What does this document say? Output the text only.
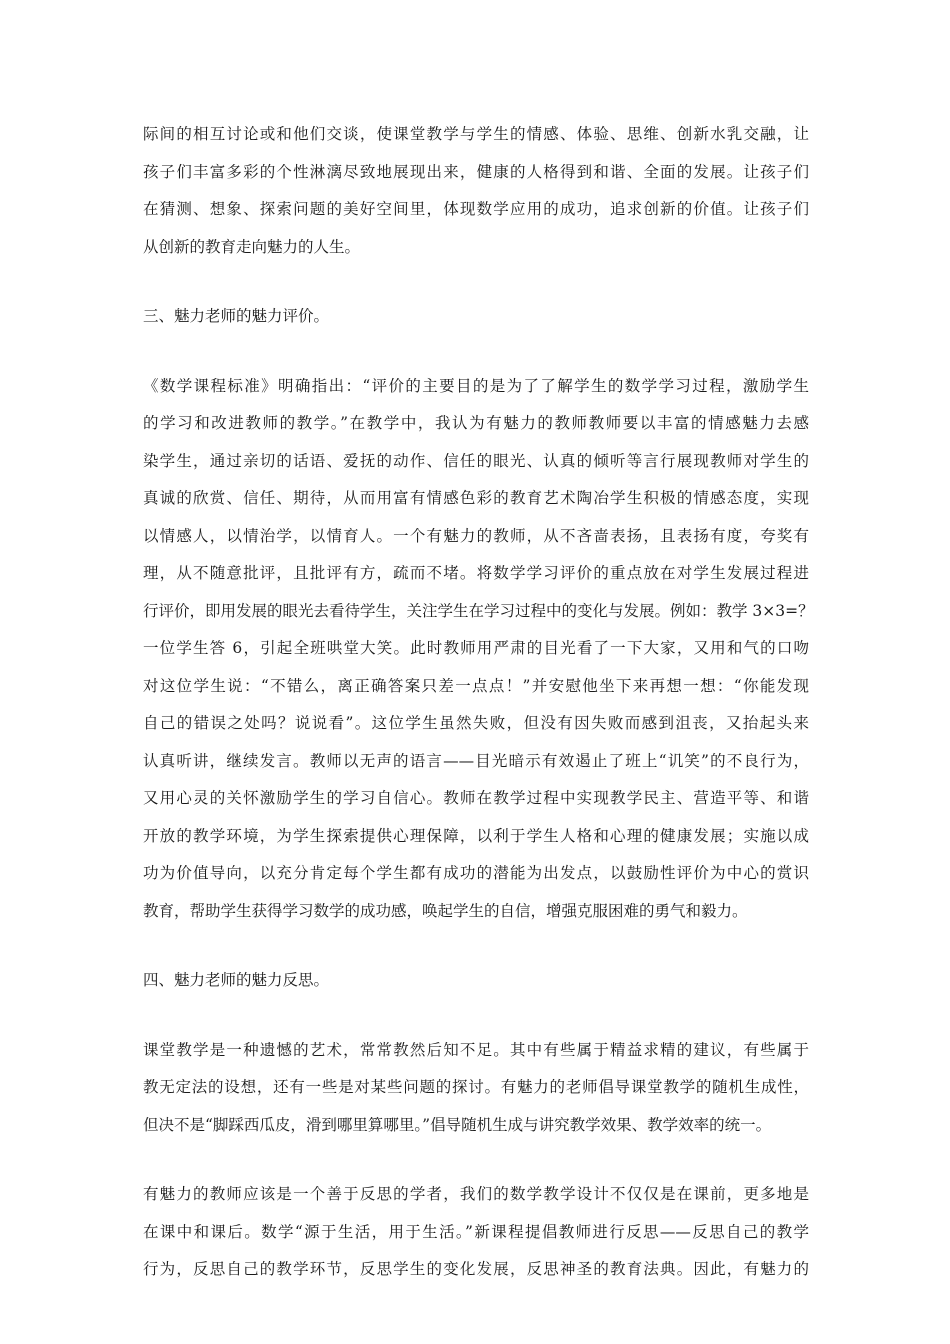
际间的相互讨论或和他们交谈，使课堂教学与学生的情感、体验、思维、创新水乳交融，让
孩子们丰富多彩的个性淋漓尽致地展现出来，健康的人格得到和谐、全面的发展。让孩子们
在猜测、想象、探索问题的美好空间里，体现数学应用的成功，追求创新的价值。让孩子们
从创新的教育走向魅力的人生。
三、魅力老师的魅力评价。
《数学课程标准》明确指出：“评价的主要目的是为了了解学生的数学学习过程，激励学生
的学习和改进教师的教学。”在教学中，我认为有魅力的教师教师要以丰富的情感魅力去感
染学生，通过亲切的话语、爱抚的动作、信任的眼光、认真的倾听等言行展现教师对学生的
真诚的欣赏、信任、期待，从而用富有情感色彩的教育艺术陶冶学生积极的情感态度，实现
以情感人，以情治学，以情育人。一个有魅力的教师，从不吝啬表扬，且表扬有度，夸奖有
理，从不随意批评，且批评有方，疏而不堵。将数学学习评价的重点放在对学生发展过程进
行评价，即用发展的眼光去看待学生，关注学生在学习过程中的变化与发展。例如：教学 3×3=？
一位学生答 6，引起全班哄堂大笑。此时教师用严肃的目光看了一下大家，又用和气的口吻
对这位学生说：“不错么，离正确答案只差一点点！”并安慰他坐下来再想一想：“你能发现
自己的错误之处吗？说说看”。这位学生虽然失败，但没有因失败而感到沮丧，又抬起头来
认真听讲，继续发言。教师以无声的语言——目光暗示有效遏止了班上“讥笑”的不良行为，
又用心灵的关怀激励学生的学习自信心。教师在教学过程中实现教学民主、营造平等、和谐
开放的教学环境，为学生探索提供心理保障，以利于学生人格和心理的健康发展；实施以成
功为价值导向，以充分肯定每个学生都有成功的潜能为出发点，以鼓励性评价为中心的赏识
教育，帮助学生获得学习数学的成功感，唤起学生的自信，增强克服困难的勇气和毅力。
四、魅力老师的魅力反思。
课堂教学是一种遗憾的艺术，常常教然后知不足。其中有些属于精益求精的建议，有些属于
教无定法的设想，还有一些是对某些问题的探讨。有魅力的老师倡导课堂教学的随机生成性，
但决不是“脚踩西瓜皮，滑到哪里算哪里。”倡导随机生成与讲究教学效果、教学效率的统一。
有魅力的教师应该是一个善于反思的学者，我们的数学教学设计不仅仅是在课前，更多地是
在课中和课后。数学“源于生活，用于生活。”新课程提倡教师进行反思——反思自己的教学
行为，反思自己的教学环节，反思学生的变化发展，反思神圣的教育法典。因此，有魅力的
